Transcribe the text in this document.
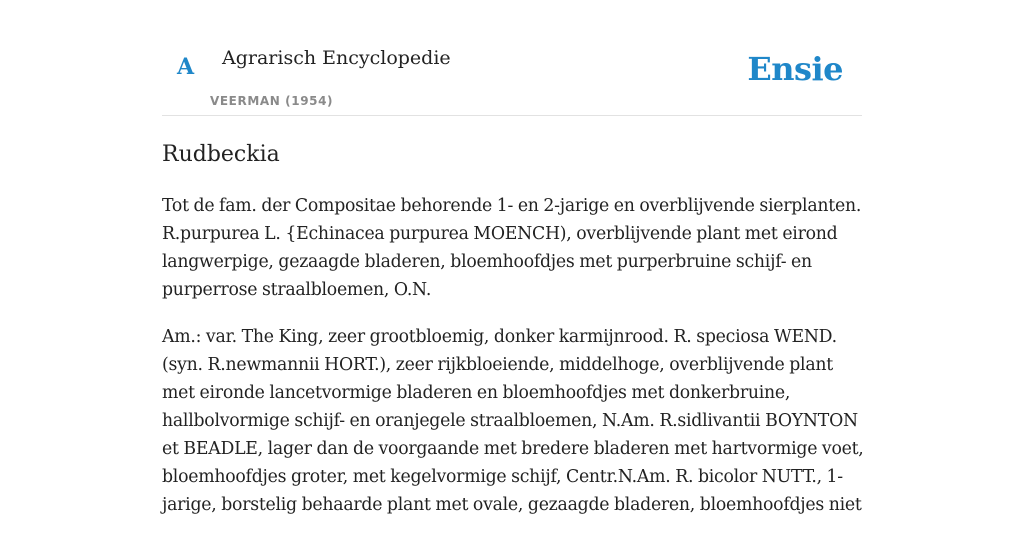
A Agrarisch Encyclopedie
VEERMAN (1954)
Ensie
Rudbeckia

Tot de fam. der Compositae behorende 1- en 2-jarige en overblijvende sierplanten. R.purpurea L. {Echinacea purpurea MOENCH), overblijvende plant met eirond langwerpige, gezaagde bladeren, bloemhoofdjes met purperbruine schijf- en purperrose straalbloemen, O.N.

Am.: var. The King, zeer grootbloemig, donker karmijnrood. R. speciosa WEND. (syn. R.newmannii HORT.), zeer rijkbloeiende, middelhoge, overblijvende plant met eironde lancetvormige bladeren en bloemhoofdjes met donkerbruine, hallbolvormige schijf- en oranjegele straalbloemen, N.Am. R.sidlivantii BOYNTON et BEADLE, lager dan de voorgaande met bredere bladeren met hartvormige voet, bloemhoofdjes groter, met kegelvormige schijf, Centr.N.Am. R. bicolor NUTT., 1-jarige, borstelig behaarde plant met ovale, gezaagde bladeren, bloemhoofdjes niet
